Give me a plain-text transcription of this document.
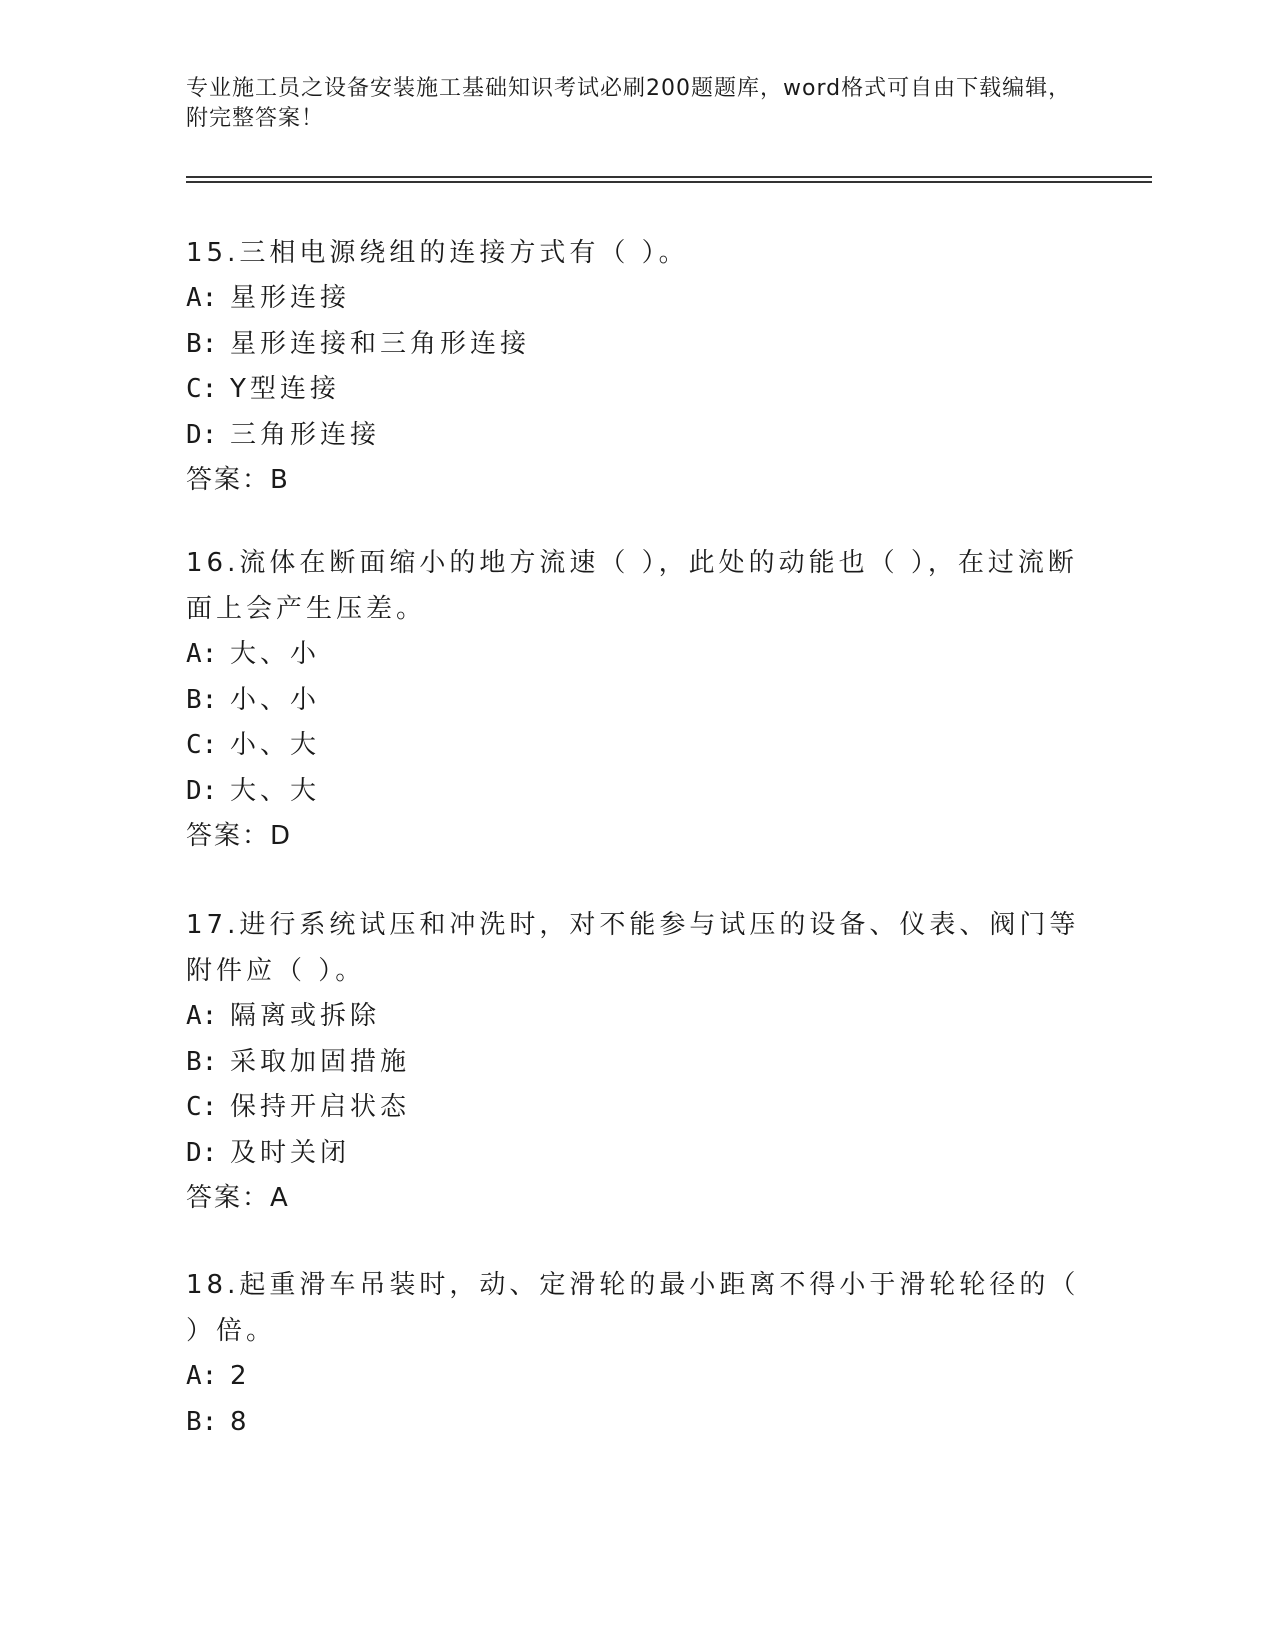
专业施工员之设备安装施工基础知识考试必刷200题题库，word格式可自由下载编辑，附完整答案！
15.三相电源绕组的连接方式有（ ）。
A: 星形连接
B: 星形连接和三角形连接
C: Y型连接
D: 三角形连接
答案：B
16.流体在断面缩小的地方流速（ ），此处的动能也（ ），在过流断面上会产生压差。
A: 大、小
B: 小、小
C: 小、大
D: 大、大
答案：D
17.进行系统试压和冲洗时，对不能参与试压的设备、仪表、阀门等附件应（ ）。
A: 隔离或拆除
B: 采取加固措施
C: 保持开启状态
D: 及时关闭
答案：A
18.起重滑车吊装时，动、定滑轮的最小距离不得小于滑轮轮径的（ ）倍。
A: 2
B: 8
